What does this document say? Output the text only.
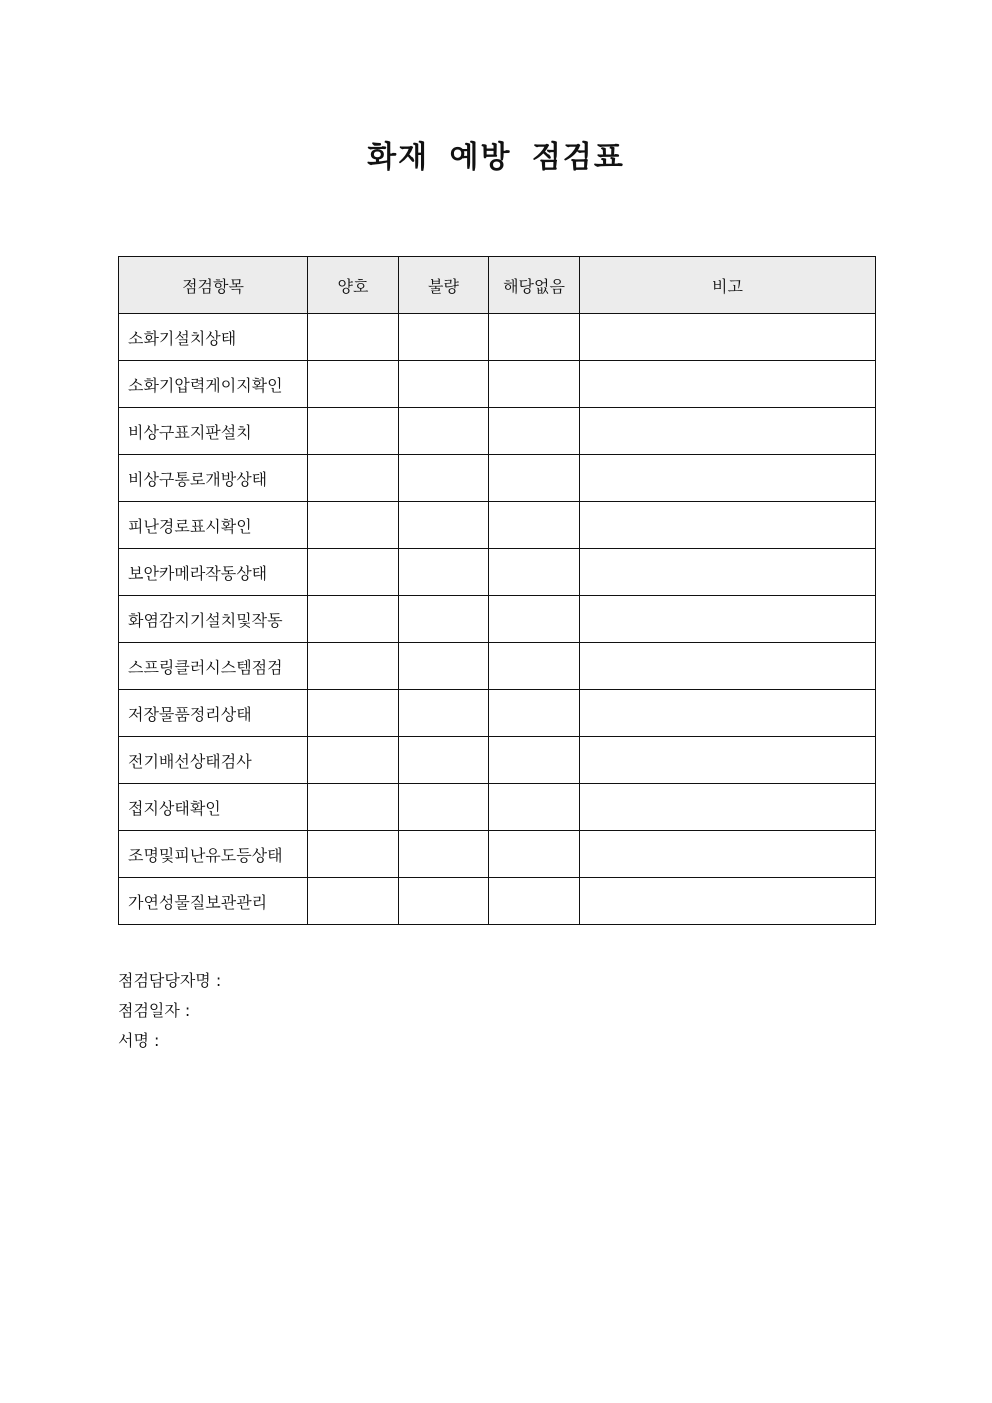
화재 예방 점검표
점검항목	양호	불량	해당없음	비고
소화기설치상태				
소화기압력게이지확인				
비상구표지판설치				
비상구통로개방상태				
피난경로표시확인				
보안카메라작동상태				
화염감지기설치및작동				
스프링클러시스템점검				
저장물품정리상태				
전기배선상태검사				
접지상태확인				
조명및피난유도등상태				
가연성물질보관관리				
점검담당자명 :
점검일자 :
서명 :
